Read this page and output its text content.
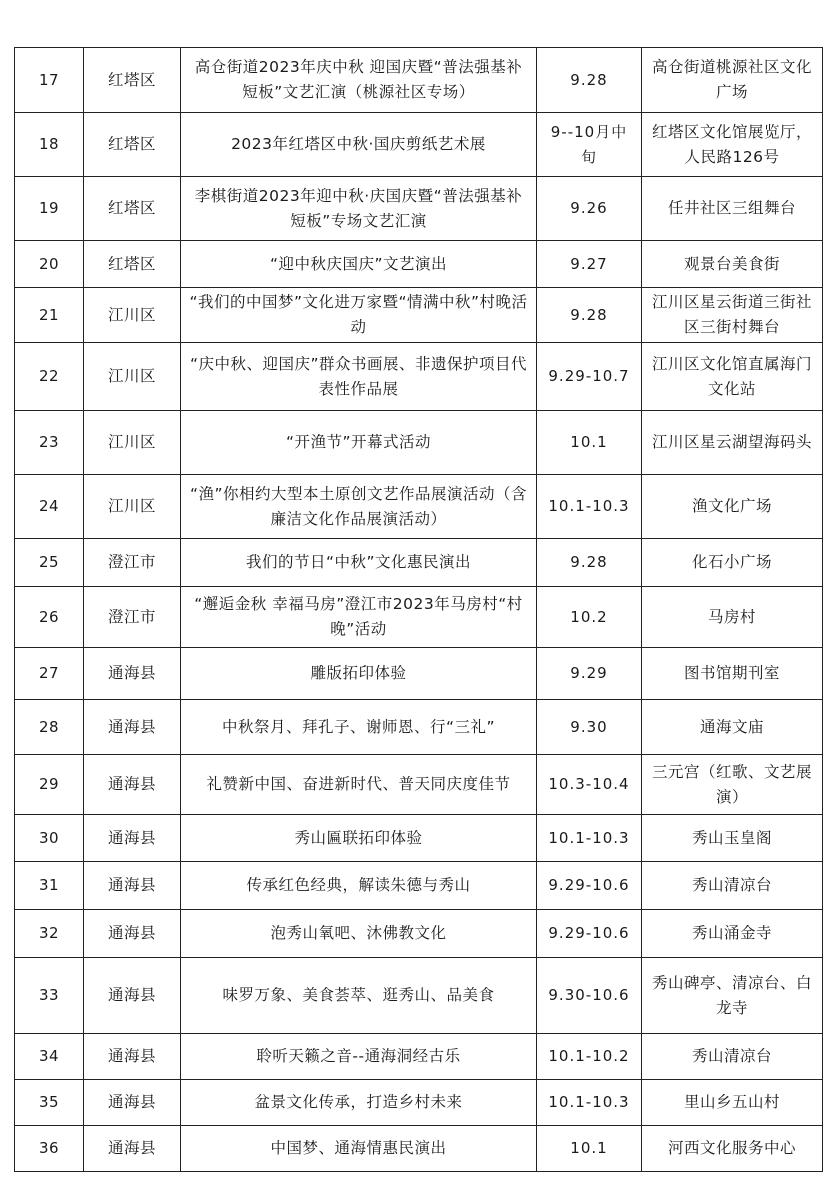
17	红塔区	高仓街道2023年庆中秋 迎国庆暨“普法强基补短板”文艺汇演（桃源社区专场）	9.28	高仓街道桃源社区文化广场
18	红塔区	2023年红塔区中秋·国庆剪纸艺术展	9--10月中旬	红塔区文化馆展览厅，人民路126号
19	红塔区	李棋街道2023年迎中秋·庆国庆暨“普法强基补短板”专场文艺汇演	9.26	任井社区三组舞台
20	红塔区	“迎中秋庆国庆”文艺演出	9.27	观景台美食街
21	江川区	“我们的中国梦”文化进万家暨“情满中秋”村晚活动	9.28	江川区星云街道三街社区三街村舞台
22	江川区	“庆中秋、迎国庆”群众书画展、非遗保护项目代表性作品展	9.29-10.7	江川区文化馆直属海门文化站
23	江川区	“开渔节”开幕式活动	10.1	江川区星云湖望海码头
24	江川区	“渔”你相约大型本土原创文艺作品展演活动（含廉洁文化作品展演活动）	10.1-10.3	渔文化广场
25	澄江市	我们的节日“中秋”文化惠民演出	9.28	化石小广场
26	澄江市	“邂逅金秋 幸福马房”澄江市2023年马房村“村晚”活动	10.2	马房村
27	通海县	雕版拓印体验	9.29	图书馆期刊室
28	通海县	中秋祭月、拜孔子、谢师恩、行“三礼”	9.30	通海文庙
29	通海县	礼赞新中国、奋进新时代、普天同庆度佳节	10.3-10.4	三元宫（红歌、文艺展演）
30	通海县	秀山匾联拓印体验	10.1-10.3	秀山玉皇阁
31	通海县	传承红色经典，解读朱德与秀山	9.29-10.6	秀山清凉台
32	通海县	泡秀山氧吧、沐佛教文化	9.29-10.6	秀山涌金寺
33	通海县	味罗万象、美食荟萃、逛秀山、品美食	9.30-10.6	秀山碑亭、清凉台、白龙寺
34	通海县	聆听天籁之音--通海洞经古乐	10.1-10.2	秀山清凉台
35	通海县	盆景文化传承，打造乡村未来	10.1-10.3	里山乡五山村
36	通海县	中国梦、通海情惠民演出	10.1	河西文化服务中心
